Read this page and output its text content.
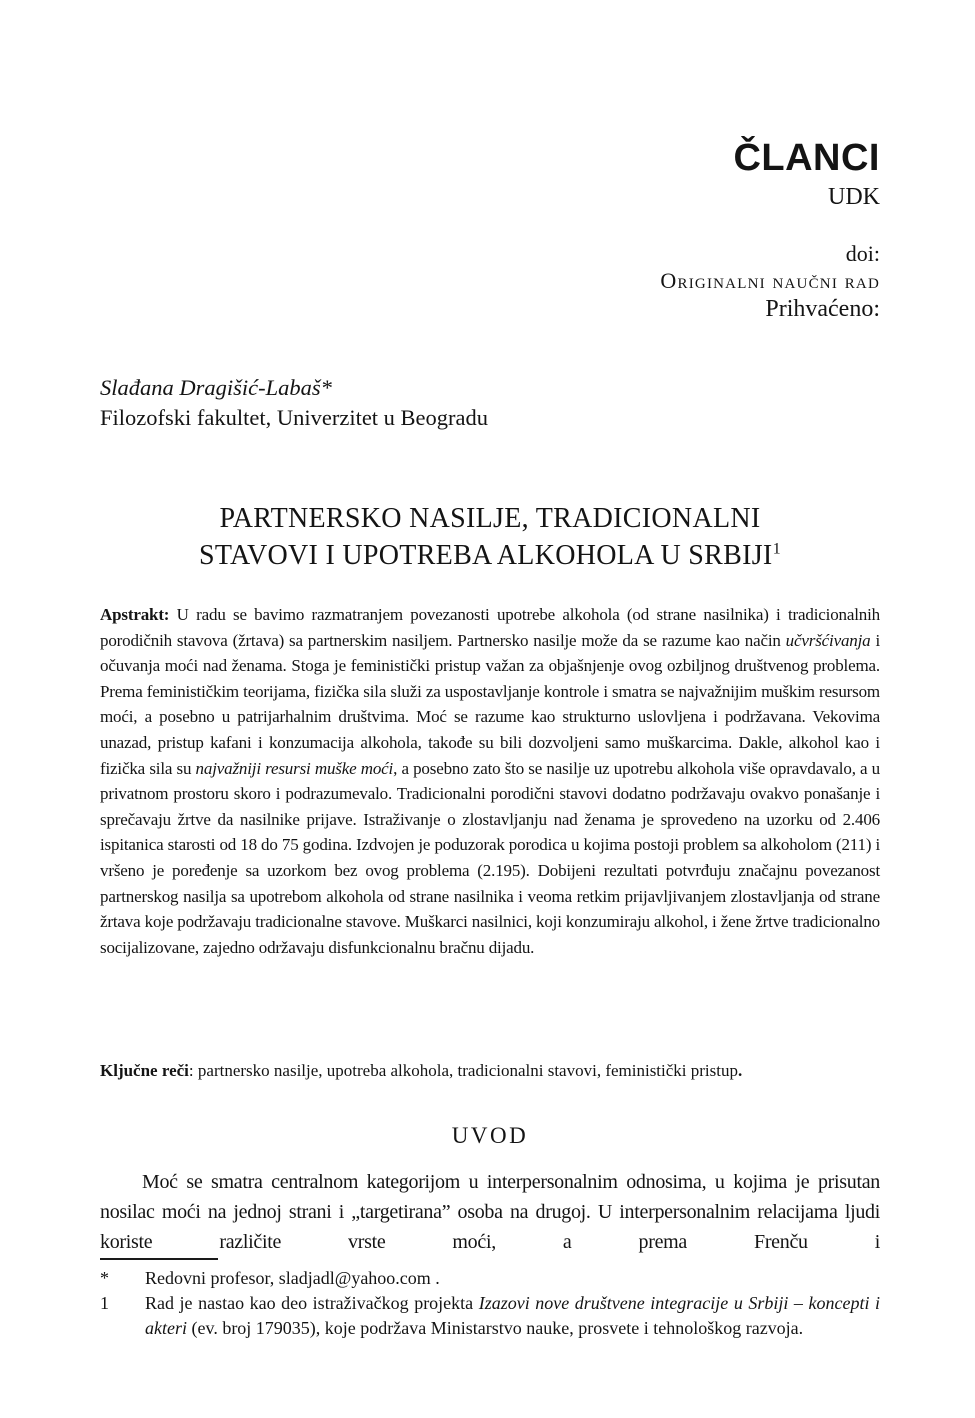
ČLANCI
UDK
doi:
Originalni naučni rad
Prihvaćeno:
Slađana Dragišić-Labaš*
Filozofski fakultet, Univerzitet u Beogradu
PARTNERSKO NASILJE, TRADICIONALNI
STAVOVI I UPOTREBA ALKOHOLA U SRBIJI$^1$

Apstrakt: U radu se bavimo razmatranjem povezanosti upotrebe alkohola (od strane nasilnika) i tradicionalnih porodičnih stavova (žrtava) sa partnerskim nasiljem. Partnersko nasilje može da se razume kao način učvršćivanja i očuvanja moći nad ženama. Stoga je feministički pristup važan za objašnjenje ovog ozbiljnog društvenog problema. Prema feminističkim teorijama, fizička sila služi za uspostavljanje kontrole i smatra se najvažnijim muškim resursom moći, a posebno u patrijarhalnim društvima. Moć se razume kao strukturno uslovljena i podržavana. Vekovima unazad, pristup kafani i konzumacija alkohola, takođe su bili dozvoljeni samo muškarcima. Dakle, alkohol kao i fizička sila su najvažniji resursi muške moći, a posebno zato što se nasilje uz upotrebu alkohola više opravdavalo, a u privatnom prostoru skoro i podrazumevalo. Tradicionalni porodični stavovi dodatno podržavaju ovakvo ponašanje i sprečavaju žrtve da nasilnike prijave. Istraživanje o zlostavljanju nad ženama je sprovedeno na uzorku od 2.406 ispitanica starosti od 18 do 75 godina. Izdvojen je poduzorak porodica u kojima postoji problem sa alkoholom (211) i vršeno je poređenje sa uzorkom bez ovog problema (2.195). Dobijeni rezultati potvrđuju značajnu povezanost partnerskog nasilja sa upotrebom alkohola od strane nasilnika i veoma retkim prijavljivanjem zlostavljanja od strane žrtava koje podržavaju tradicionalne stavove. Muškarci nasilnici, koji konzumiraju alkohol, i žene žrtve tradicionalno socijalizovane, zajedno održavaju disfunkcionalnu bračnu dijadu.

Ključne reči: partnersko nasilje, upotreba alkohola, tradicionalni stavovi, feministički pristup.

UVOD

Moć se smatra centralnom kategorijom u interpersonalnim odnosima, u kojima je prisutan nosilac moći na jednoj strani i „targetirana” osoba na drugoj. U interpersonalnim relacijama ljudi koriste različite vrste moći, a prema Frenču i

*	Redovni profesor, sladjadl@yahoo.com .
1	Rad je nastao kao deo istraživačkog projekta Izazovi nove društvene integracije u Srbiji – koncepti i akteri (ev. broj 179035), koje podržava Ministarstvo nauke, prosvete i tehnološkog razvoja.
